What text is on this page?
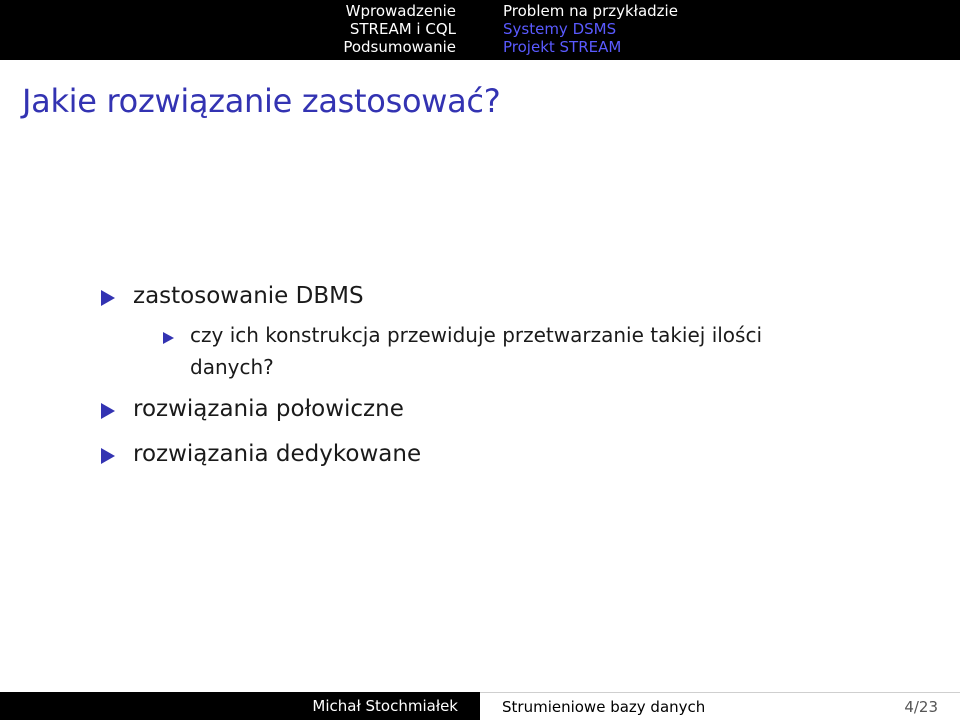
Wprowadzenie
STREAM i CQL
Podsumowanie
Problem na przykładzie
Systemy DSMS
Projekt STREAM
Jakie rozwiązanie zastosować?
zastosowanie DBMS
czy ich konstrukcja przewiduje przetwarzanie takiej ilości
danych?
rozwiązania połowiczne
rozwiązania dedykowane
Michał Stochmiałek	Strumieniowe bazy danych	4/23
